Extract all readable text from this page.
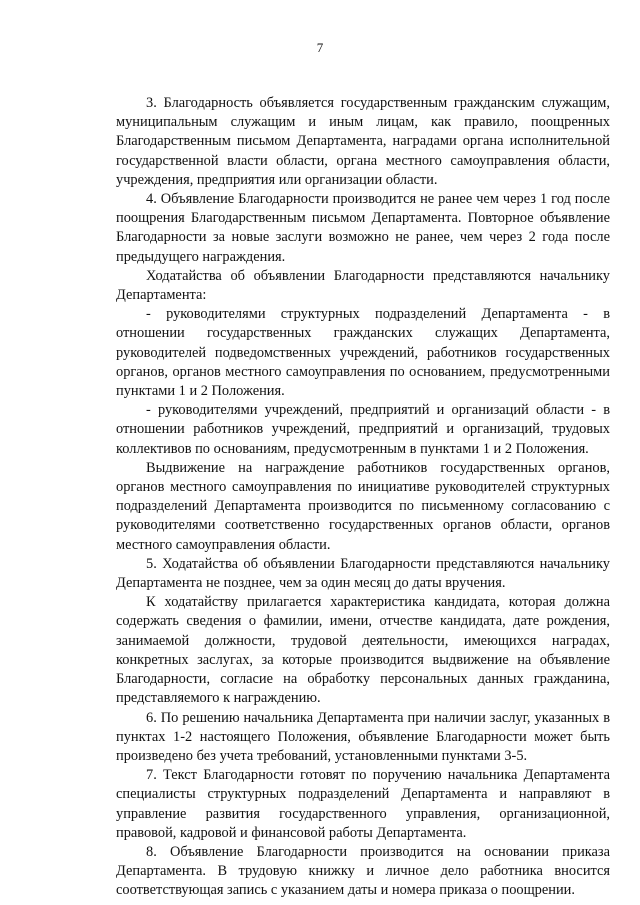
7

3. Благодарность объявляется государственным гражданским служащим, муниципальным служащим и иным лицам, как правило, поощренных Благодарственным письмом Департамента, наградами органа исполнительной государственной власти области, органа местного самоуправления области, учреждения, предприятия или организации области.

4. Объявление Благодарности производится не ранее чем через 1 год после поощрения Благодарственным письмом Департамента. Повторное объявление Благодарности за новые заслуги возможно не ранее, чем через 2 года после предыдущего награждения.

Ходатайства об объявлении Благодарности представляются начальнику Департамента:

- руководителями структурных подразделений Департамента - в отношении государственных гражданских служащих Департамента, руководителей подведомственных учреждений, работников государственных органов, органов местного самоуправления по основанием, предусмотренными пунктами 1 и 2 Положения.

- руководителями учреждений, предприятий и организаций области - в отношении работников учреждений, предприятий и организаций, трудовых коллективов по основаниям, предусмотренным в пунктами 1 и 2 Положения.

Выдвижение на награждение работников государственных органов, органов местного самоуправления по инициативе руководителей структурных подразделений Департамента производится по письменному согласованию с руководителями соответственно государственных органов области, органов местного самоуправления области.

5. Ходатайства об объявлении Благодарности представляются начальнику Департамента не позднее, чем за один месяц до даты вручения.

К ходатайству прилагается характеристика кандидата, которая должна содержать сведения о фамилии, имени, отчестве кандидата, дате рождения, занимаемой должности, трудовой деятельности, имеющихся наградах, конкретных заслугах, за которые производится выдвижение на объявление Благодарности, согласие на обработку персональных данных гражданина, представляемого к награждению.

6. По решению начальника Департамента при наличии заслуг, указанных в пунктах 1-2 настоящего Положения, объявление Благодарности может быть произведено без учета требований, установленными пунктами 3-5.

7. Текст Благодарности готовят по поручению начальника Департамента специалисты структурных подразделений Департамента и направляют в управление развития государственного управления, организационной, правовой, кадровой и финансовой работы Департамента.

8. Объявление Благодарности производится на основании приказа Департамента. В трудовую книжку и личное дело работника вносится соответствующая запись с указанием даты и номера приказа о поощрении.
